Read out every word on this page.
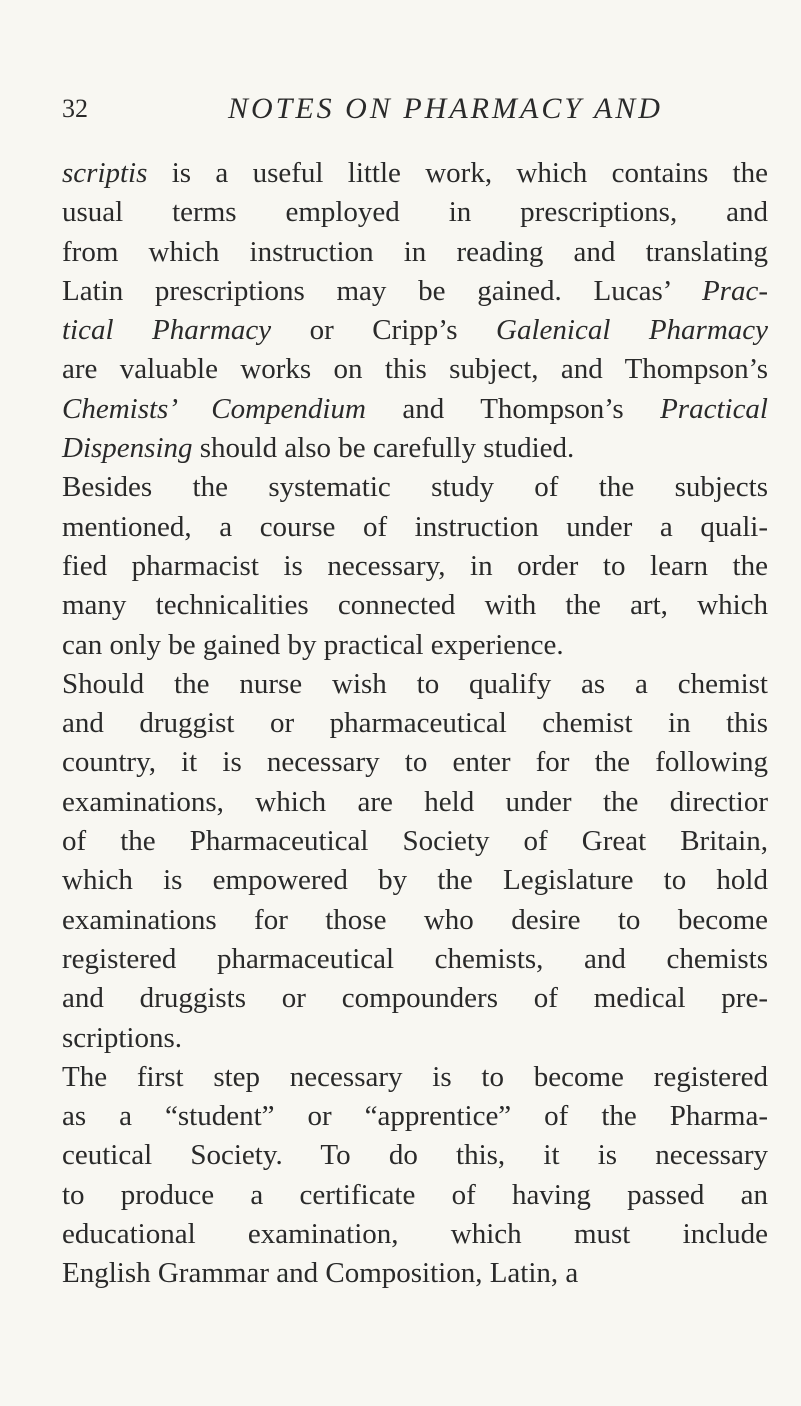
32	NOTES ON PHARMACY AND
scriptis is a useful little work, which contains the
usual terms employed in prescriptions, and
from which instruction in reading and translating
Latin prescriptions may be gained. Lucas’ Prac-
tical Pharmacy or Cripp’s Galenical Pharmacy
are valuable works on this subject, and Thompson’s
Chemists’ Compendium and Thompson’s Practical
Dispensing should also be carefully studied.
Besides the systematic study of the subjects
mentioned, a course of instruction under a quali-
fied pharmacist is necessary, in order to learn the
many technicalities connected with the art, which
can only be gained by practical experience.
Should the nurse wish to qualify as a chemist
and druggist or pharmaceutical chemist in this
country, it is necessary to enter for the following
examinations, which are held under the directior
of the Pharmaceutical Society of Great Britain,
which is empowered by the Legislature to hold
examinations for those who desire to become
registered pharmaceutical chemists, and chemists
and druggists or compounders of medical pre-
scriptions.
The first step necessary is to become registered
as a “student” or “apprentice” of the Pharma-
ceutical Society. To do this, it is necessary
to produce a certificate of having passed an
educational examination, which must include
English Grammar and Composition, Latin, a
